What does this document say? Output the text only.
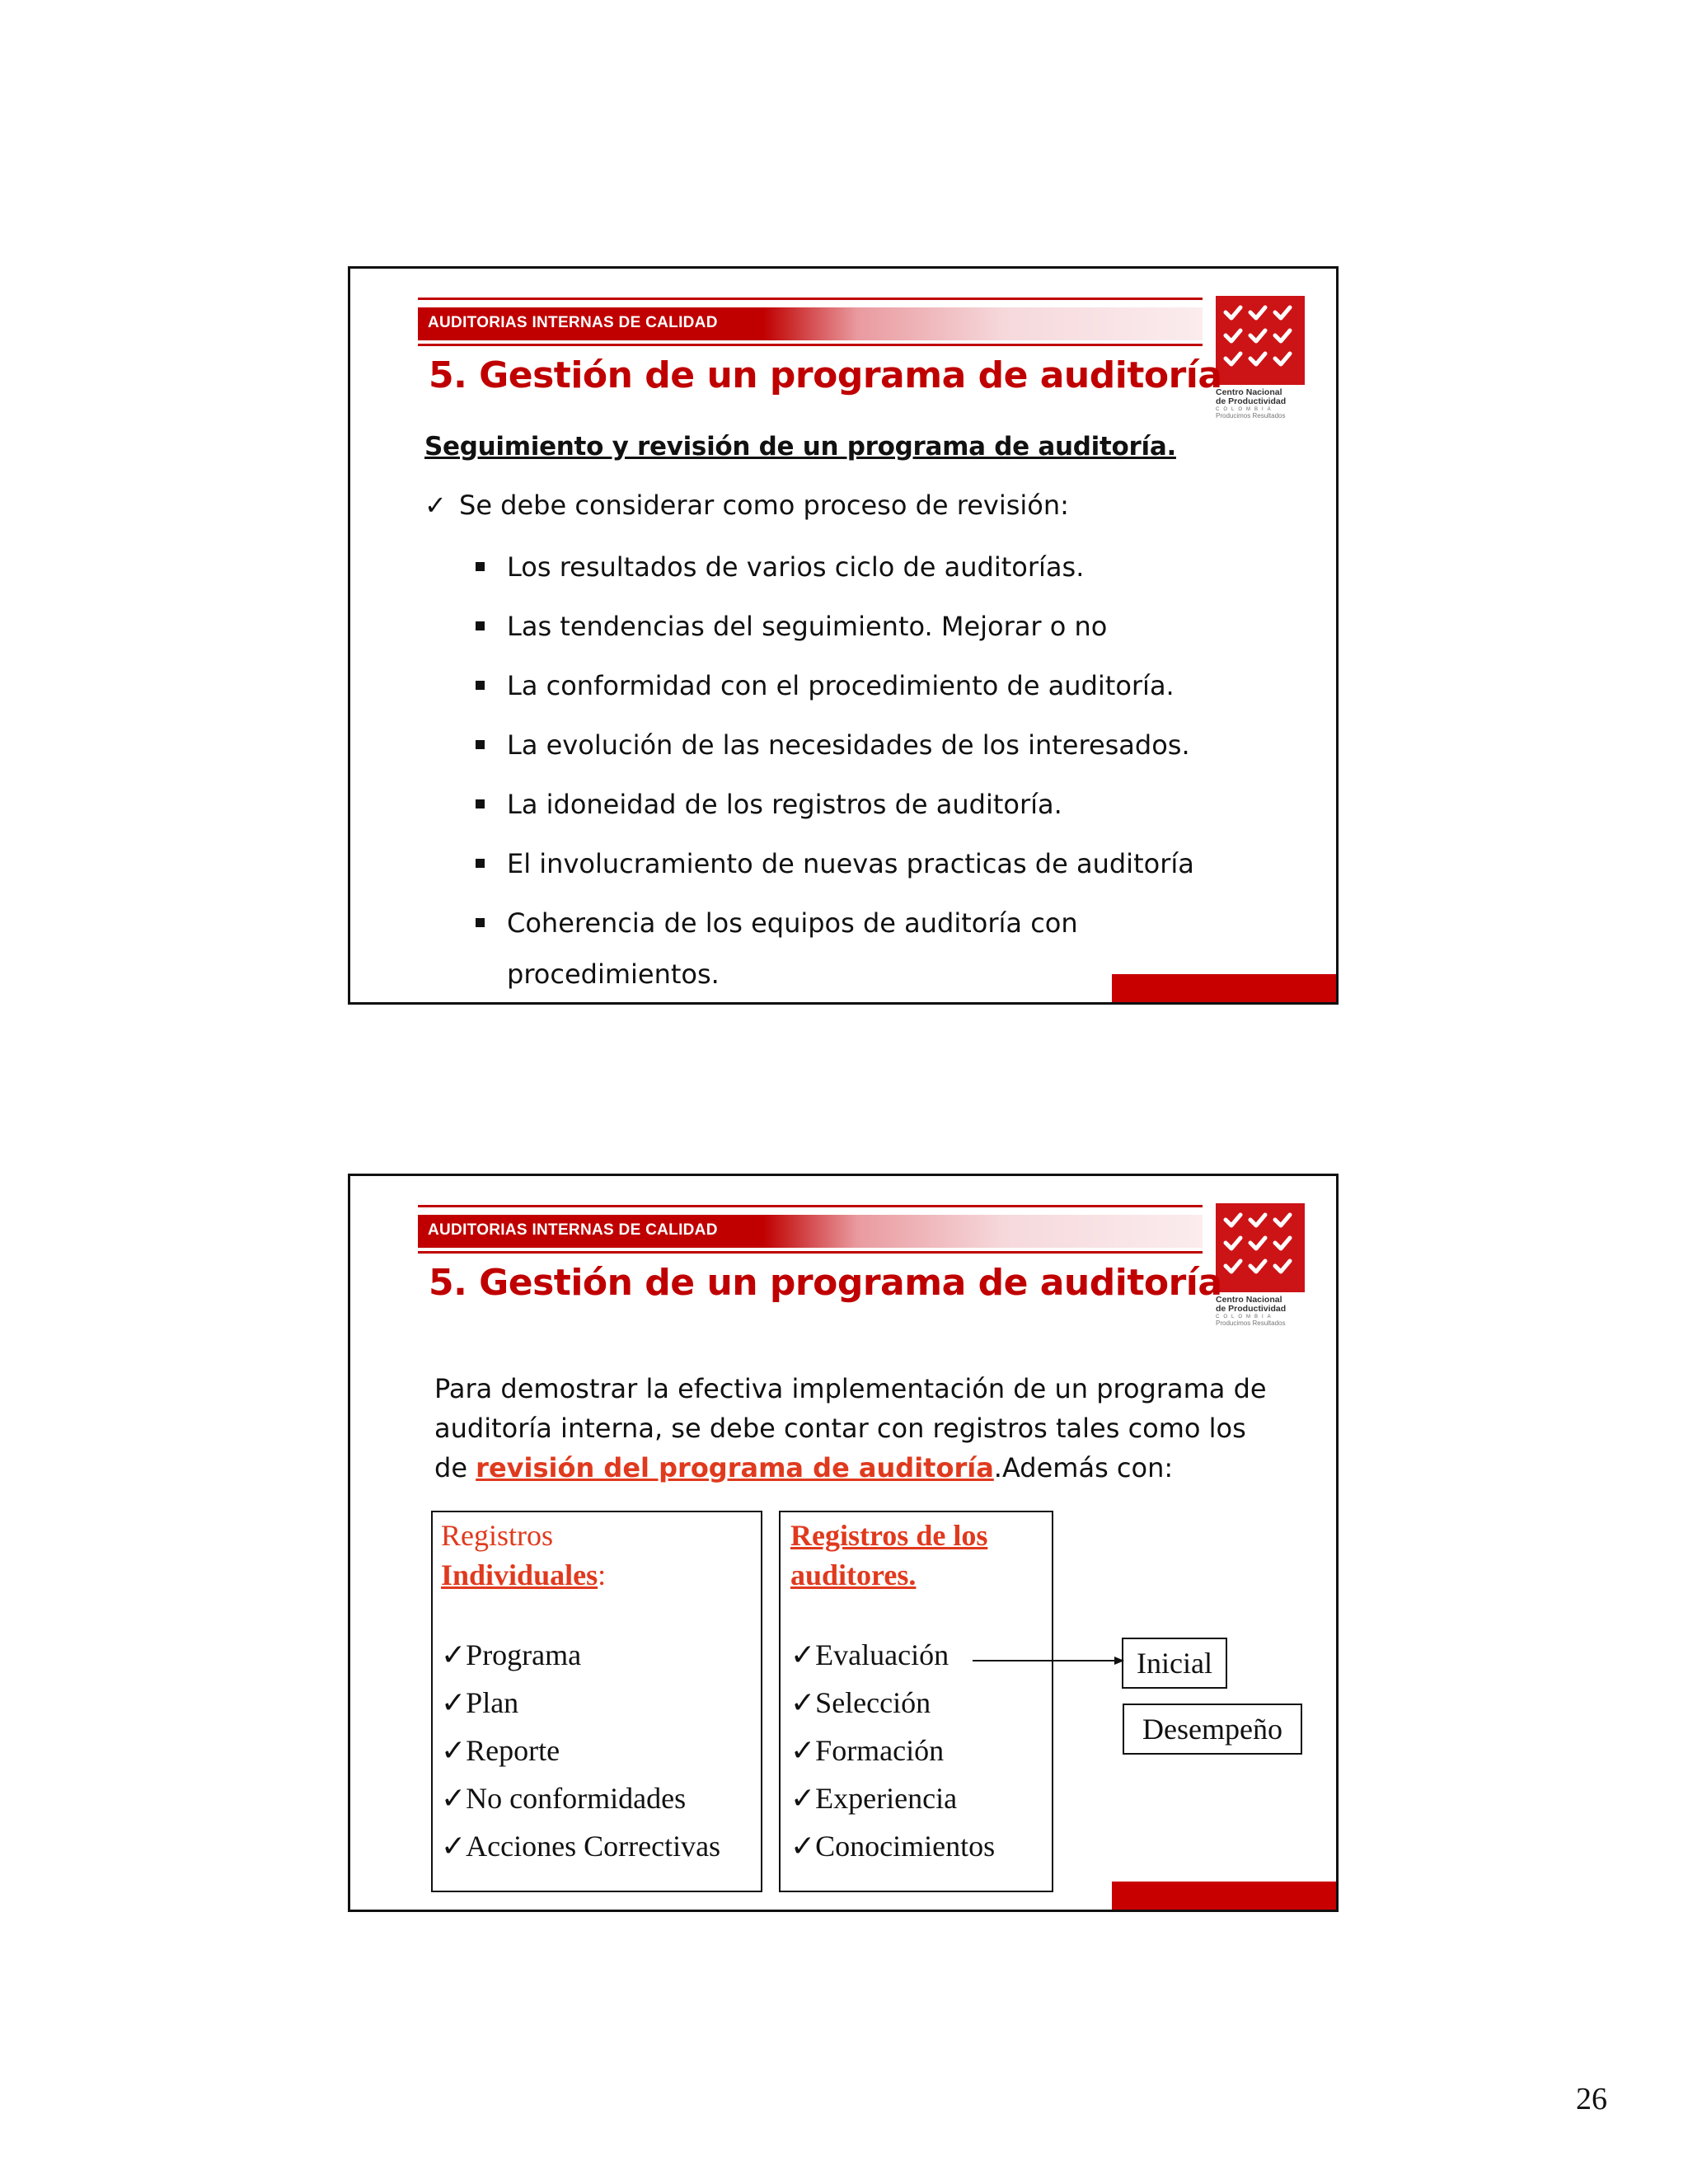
AUDITORIAS INTERNAS DE CALIDAD
Centro Nacional
de Productividad
COLOMBIA
Producimos Resultados
5. Gestión de un programa de auditoría
Seguimiento y revisión de un programa de auditoría.
✓ Se debe considerar como proceso de revisión:
Los resultados de varios ciclo de auditorías.
Las tendencias del seguimiento. Mejorar o no
La conformidad con el procedimiento de auditoría.
La evolución de las necesidades de los interesados.
La idoneidad de los registros de auditoría.
El involucramiento de nuevas practicas de auditoría
Coherencia de los equipos de auditoría con procedimientos.
AUDITORIAS INTERNAS DE CALIDAD
Centro Nacional
de Productividad
COLOMBIA
Producimos Resultados
5. Gestión de un programa de auditoría
Para demostrar la efectiva implementación de un programa de auditoría interna, se debe contar con registros tales como los de revisión del programa de auditoría.Además con:
Registros
Individuales:
✓Programa
✓Plan
✓Reporte
✓No conformidades
✓Acciones Correctivas
Registros de los
auditores.
✓Evaluación
✓Selección
✓Formación
✓Experiencia
✓Conocimientos
Inicial
Desempeño
26
